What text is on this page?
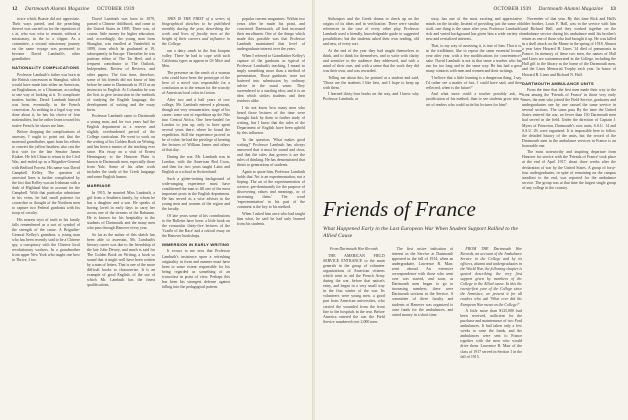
12 Dartmouth Alumni Magazine OCTOBER 1939

twice which Boasie did not appreciate. Their ways parted, and the preaching thereof was carried on for the repetition of s at, who was wise to remain, without a missionary, in the to a clipper. As a committee, a second missionary journey on the same voyage was promoted to become David Lambuth's other grandfather.

NATIONALITY COMPLICATIONS

Professor Lambuth's father was born in the British concession in Shanghai, which would have made him either an American, an Englishman, or a Chinaman, according to one way of looking at it. To complicate matters further, David Lambuth himself was born, eventually, in the French concession. As nothing in a legal way was done about it, he has his choice of four nationalities, but he rather leans toward his native French, he shows me later.

Before dropping the complications of ancestry, I ought to point out that the maternal grandfather, apart from his efforts to convert the yellow heathen, also cast the first vote for the late Senator James Kiakee. He left China to return to the Civil War, and ended up as a Brigadier-General with Bedford Forrest. His name was David Campbell Kelley. The question of ancestral lines is further complicated by the fact that Kelley was an Irishman with a dash of Highland blue in account for the Campbell. With that particular admixture in his veins, he had small patience for cowardice or thought of the Northern men to capture two Federal gunboats with his troop of cavalry.

His nearest tryst of truth to his family falls remembered as a sort of symbol of the strength of the cause. A Brigadier-General Kelley's grandson, a young man who has been recently said to be a Chinese spy, a conspiracy with the Chinese local revolutionary workers. In a grandmother from upper New York who taught one how to Thrive, I too.

David Lambuth was born in 1879, passed a Chinese childhood, and came to the United States in 1895. There was, of course, little money for higher education, and, accordingly, the young man from Shanghai, was enrolled at Vanderbilt in 1899, from which he graduated at 19, subsequently in Europe. Thereafter he was partisan editor of The Tar Heel, and a frequent contributor to The Outlook, Independent, Review of Reviews, and other papers. The first time, therefore, some of his friends did not know of him before he came to Dartmouth in 1913 as an instructor in English. At Columbia he was the first to give instruction in the methods of studying the English language, the development of writing and the essay form.

Professor Lambuth came to Dartmouth a young man, and for two years had the English department in a reserve and slightly overburdened period of the College curriculum. He went to work on the writing of his Golden Book on Writing, and has been a master of the teaching ever since. His essay on a visit of Ernest Hemingway to the Hanover Plain is known to Dartmouth men, especially those from Yale. Some of his other work includes the study of the Creek language and some English humor.

MARRIAGE

In 1915, he married Miss Lambuth, a girl from a Southern family, by whom he has a daughter and a son. He speaks of having loved in early days to carry her across one of the streams of the Bahamas. He is known for his hospitality to the students of Dartmouth and the many men who pass through Hanover every year.

So far as the author of this sketch has been able to ascertain, Mr. Lambuth's literary career was due to the friendship of the late John Dewey, and much is said for The Golden Book on Writing, a book so sound that it might well have been written by a man of letters. That is one of the more difficult books to characterize. It is an example of good English, of the use of which Mr. Lambuth has the finest qualifications.

THIS IS THE FIRST of a series of biographical sketches to be published monthly during the year, describing the work and lives of faculty men at the height of their careers and influence in the College.

ran a dairy ranch in the San Joaquin valley. There he had to cope with such California types as appear in Of Mice and Men.

The presence on the ranch of a woman who could have been the prototype of the hero of a novel was responsible for a conclusion as to the reason for the scarcity of American local color in fiction.

After two and a half years of cow college, Mr. Lambuth entered a pleasant, though not very remunerative, stage of his career: some sort of expedition up the Nile into Central Africa. One here-landed for London to join up, only to have spent several years there, where he found the expedition. Still the experience proved to be of value: he had the privilege of hearing the lectures of William James and others of that day.

During the war, Mr. Lambuth was in London, with the American Red Cross, and then for two years taught Latin and English at a school in Switzerland.

Such a globe-trotting background of wide-ranging experience must have conditioned the man to fill one of the most important posts in the English department. He has served as a wise adviser to the young men and women of the region and the faculty.

Of late years some of his contributions to the Bulletin have been: a little book on the vernacular thirty-five lectures of the 'Cradle of the Race' and a critical essay on the Hanover bookshops.

IMMERSION IN EARLY WRITING

It occurs to me now that Professor Lambuth's insistence upon a refreshing originality in form and manner must have been to some extent responsible for his being regarded as something of an iconoclast in point of view. Perhaps this has been his strongest defense against falling into the pedagogical pattern.

popular current magazines. Within two years after he made his point, and convinced Dartmouth, all had increased their enrollment. One of the things which made this possible was that Professor Lambuth maintained that level of undergraduate interest over the years.

When I referred to Grandfather Kelley's capture of the gunboats as typical of Professor Lambuth's teaching, I meant to imply something more than a method of presentation. Those gunboats were not battered into submission by ordinary advice in the usual sense. They surrendered to a startling idea; and it is an idea which strikes students and their teachers alike.

I do not know how many men who heard those lectures of the time were brought back by them to further study of writing, but I know that the rules of the Department of English have been upheld by this influence.

To the question, 'What makes good writing?' Professor Lambuth has always answered that it must be sound and clear, and that the rules that govern it are the rules of thinking. He has demonstrated that thesis to generations of students.

Again to quote him, Professor Lambuth holds that 'Art is an experimentation, not a hoping. The art of the experimentation of science, pre-dominantly for the purpose of discovering values and meanings, or of increasing them.' The word 'experimentation' in his part of the comment is the key to his method.

When I asked him once who had taught him what, he said he had only learned from his students.

OCTOBER 1939 Dartmouth Alumni Magazine 13

Stokoupov and the Greek drama to check up on the origins of its ideas and in verification. There were similar references in the case of every other play. Professor Lambuth used a friendly, knowledgeable guide to suggested possibilities; but the students asked their own reading, old and new, of every sort.

At the end of the year they had taught themselves to think, and to think for themselves, and to write with clarity and sensitive to the audience they addressed, and with a mind of their own, and with a sense that the work they did was their own, and was rewarded.

Telling me about this, he pointed at a student and said, 'Those are the students I like best, and I hope to keep up with them.'

I learned thirty-four books on the way, and I knew why Professor Lambuth, at

sixty, has one of the most exciting and appreciative minds on the faculty. Instead of providing just the same old stuff, one thing is the same after year, Professor Lambuth's rich and varied background has given him a wide variety of new and revitalized interests.

That, to my way of assessing it, is true of him. That it is, in the trailblazer, like to repeat the same essential lecture year after year, with a few modifications for convenience's sake. David Lambuth is not in that sense a teacher who has run for too long and in the same way. He has had a great many contacts with men and women and their writings.

'I believe that a little learning is a dangerous thing, I say. I'd rather see a matter of fact, I could have said, and then reflected, when is the future?'

And what more could a teacher possibly ask, in justification of his method, than to see students grow into a set of readers who could write his lectures for him?

November of that year. By this time Rick and Hall's older brother, Louis F. Hall, was in the service with him and Richard Hall, and they worked together on the ambulance service during his ambulance until his brother's return as one of those who had brought it up. He was killed in a shell attack on the Marne in the spring of 1918. Almost a year later Howard B. Lines '14 died of pneumonia in France. In memory of these two men, the names of Hall and Lines are commemorated in the College, including the Hall gift to the library as the home of the Dartmouth men, and the Lines Memorial Trophy each year. In honor of Howard B. Lines and Richard N. Hall.

DARTMOUTH AMBULANCE UNITS

From the time that the first men made their way to the front among the 'Friends of France' in those very early times, the men who joined the Field Service, graduates and undergraduates one by one caused the same service in several sections. The sums pass By the time the United States entered the war, no fewer than 150 Dartmouth men had served in the field. Under the direction of Captain J. Myers of Princeton, Dartmouth's own units, S.S.U. 14 and S.S.U. 29, were organized. It is impossible here to follow the detailed history of the units, but the record of the Dartmouth men in the ambulance services in France is an honorable one.

The most noteworthy and inspiring departure from Hanover for service with the 'Friends of France' took place at the end of April 1917, about three weeks after the declaration of war by the United States. A group of forty-four undergraduates, in spite of remaining on the campus steadfast to the end, was reported for the ambulance service. The group was at that time the largest single group of any college in the country.

Friends of France
What Happened Early in the Last European War When Student Support Rallied to the Allied Cause

From Dartmouth War Records

THE AMERICAN FIELD SERVICE ENTRANCE to the main generals in the group of volunteer organizations of American citizens which went to aid the French Army during the war, before that nation's entry, and began in a very small way in the first winter of the war. Its volunteers were young men, a good part from American universities, who carried the wounded from the front line to the hospitals in the rear. Before America entered the war the Field Service numbered over 2,000 men.

The first active indication of interest in the Service at Dartmouth appeared in the fall of 1914, when an undergraduate, Lawrence R. Marr, went abroad. An extensive correspondence with those who went over was started, and soon, as Dartmouth men began to go in increasing numbers, there were Dartmouth sections in the Service. A committee of three faculty and students at Hanover was organized to raise funds for the ambulances, and raised money in a short time.

FROM THE Dartmouth War Records, an account of the Ambulance Service in the College and by its officers, alumni and undergraduates in the World War, the following chapter is quoted describing the very first support given by members of the College to the Allied cause. In this the twenty-first year of the College since the Armistice, we present it for all readers who ask 'What ever did the European War mean on the College?'

A little more than $125,000 had been received, sufficient for the purchase and maintenance of two Ford ambulances. It had taken only a few weeks to raise the funds, and the ambulances were sent to France together with the men who would drive them. Lawrence R. Marr of the class of 1917 served in Section 1 in the fall of 1915.
